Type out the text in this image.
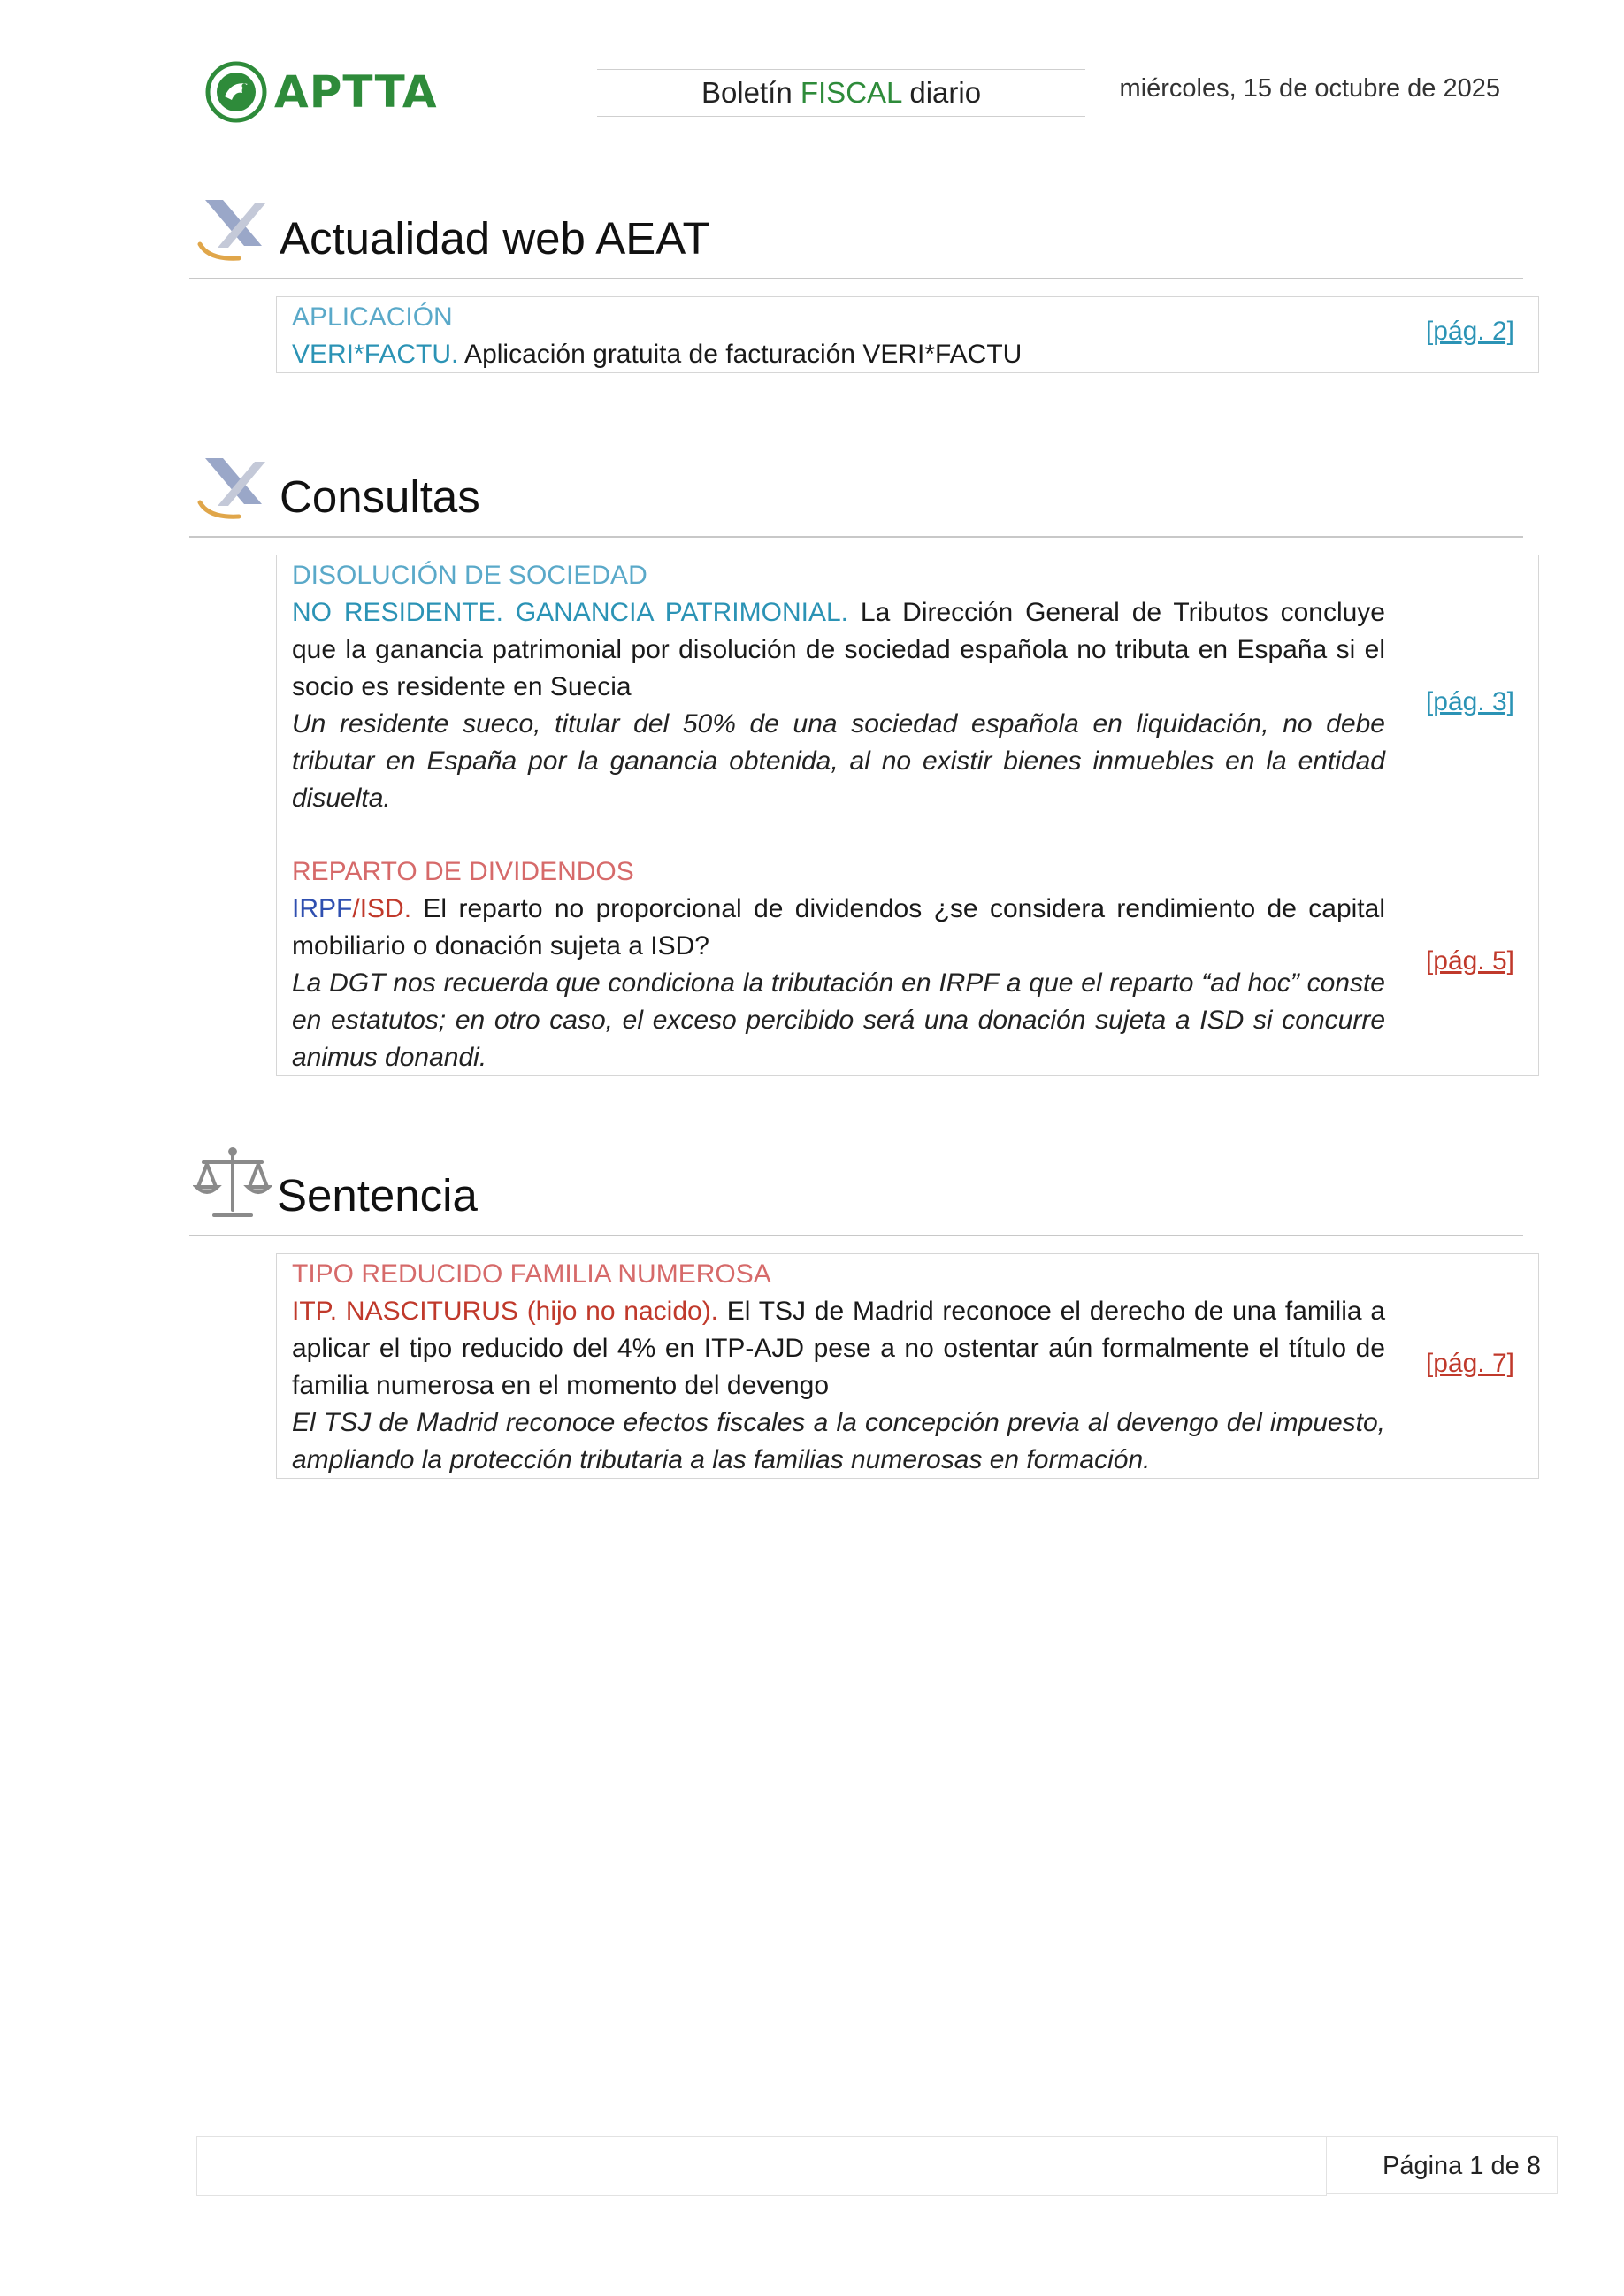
APTTA	Boletín FISCAL diario	miércoles, 15 de octubre de 2025
Actualidad web AEAT
APLICACIÓN
VERI*FACTU. Aplicación gratuita de facturación VERI*FACTU
[pág. 2]
Consultas
DISOLUCIÓN DE SOCIEDAD
NO RESIDENTE. GANANCIA PATRIMONIAL. La Dirección General de Tributos concluye que la ganancia patrimonial por disolución de sociedad española no tributa en España si el socio es residente en Suecia
Un residente sueco, titular del 50% de una sociedad española en liquidación, no debe tributar en España por la ganancia obtenida, al no existir bienes inmuebles en la entidad disuelta.
[pág. 3]
REPARTO DE DIVIDENDOS
IRPF/ISD. El reparto no proporcional de dividendos ¿se considera rendimiento de capital mobiliario o donación sujeta a ISD?
La DGT nos recuerda que condiciona la tributación en IRPF a que el reparto “ad hoc” conste en estatutos; en otro caso, el exceso percibido será una donación sujeta a ISD si concurre animus donandi.
[pág. 5]
Sentencia
TIPO REDUCIDO FAMILIA NUMEROSA
ITP. NASCITURUS (hijo no nacido). El TSJ de Madrid reconoce el derecho de una familia a aplicar el tipo reducido del 4% en ITP-AJD pese a no ostentar aún formalmente el título de familia numerosa en el momento del devengo
El TSJ de Madrid reconoce efectos fiscales a la concepción previa al devengo del impuesto, ampliando la protección tributaria a las familias numerosas en formación.
[pág. 7]
Página 1 de 8
